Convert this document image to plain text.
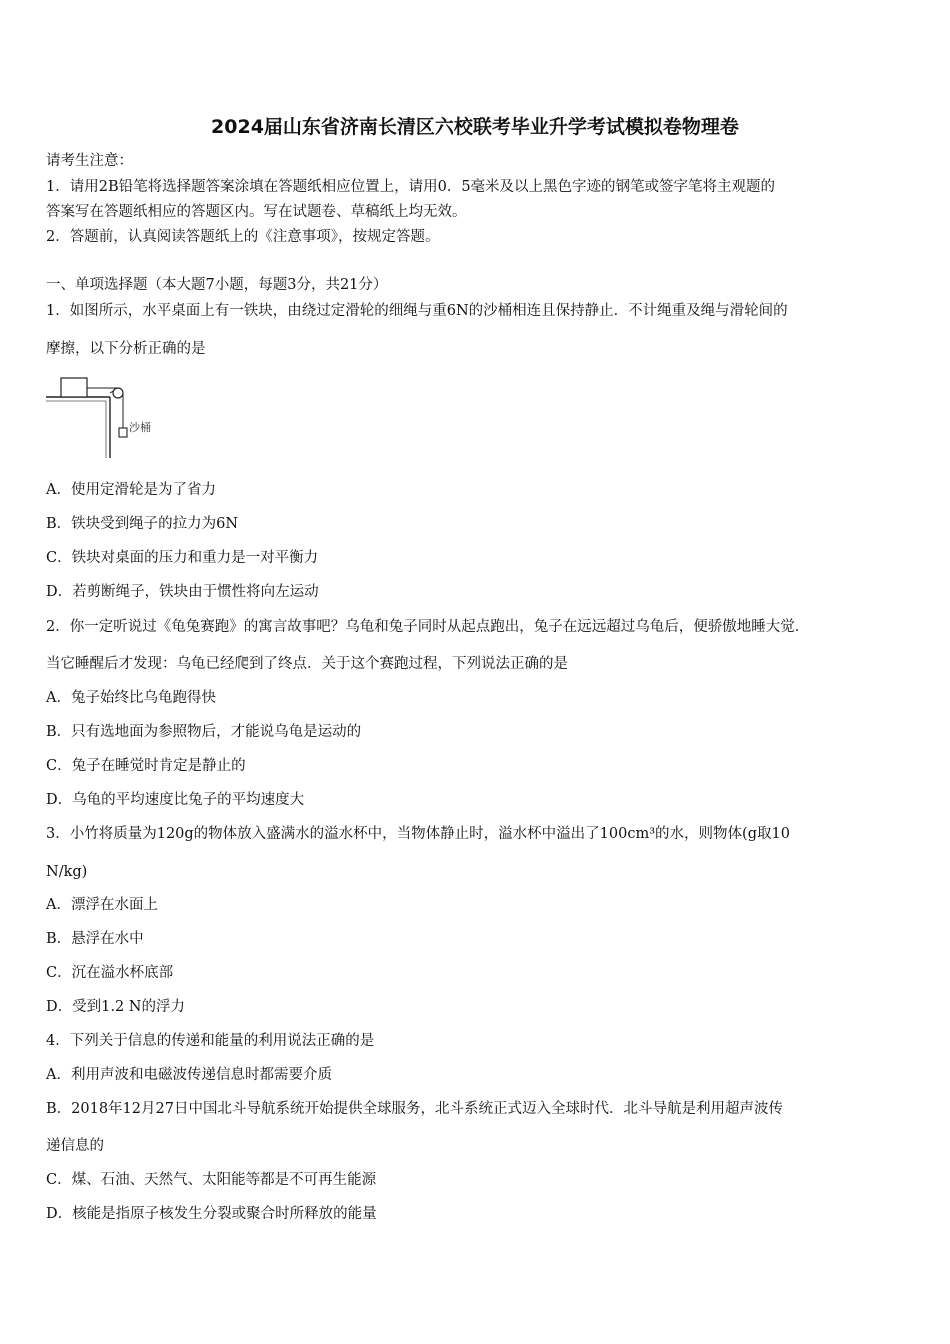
2024届山东省济南长清区六校联考毕业升学考试模拟卷物理卷
请考生注意：
1．请用2B铅笔将选择题答案涂填在答题纸相应位置上，请用0．5毫米及以上黑色字迹的钢笔或签字笔将主观题的
答案写在答题纸相应的答题区内。写在试题卷、草稿纸上均无效。
2．答题前，认真阅读答题纸上的《注意事项》，按规定答题。
一、单项选择题（本大题7小题，每题3分，共21分）
1．如图所示，水平桌面上有一铁块，由绕过定滑轮的细绳与重6N的沙桶相连且保持静止．不计绳重及绳与滑轮间的
摩擦，以下分析正确的是
沙桶
A．使用定滑轮是为了省力
B．铁块受到绳子的拉力为6N
C．铁块对桌面的压力和重力是一对平衡力
D．若剪断绳子，铁块由于惯性将向左运动
2．你一定听说过《龟兔赛跑》的寓言故事吧？乌龟和兔子同时从起点跑出，兔子在远远超过乌龟后，便骄傲地睡大觉．
当它睡醒后才发现：乌龟已经爬到了终点．关于这个赛跑过程，下列说法正确的是
A．兔子始终比乌龟跑得快
B．只有选地面为参照物后，才能说乌龟是运动的
C．兔子在睡觉时肯定是静止的
D．乌龟的平均速度比兔子的平均速度大
3．小竹将质量为120g的物体放入盛满水的溢水杯中，当物体静止时，溢水杯中溢出了100cm³的水，则物体(g取10
N/kg)
A．漂浮在水面上
B．悬浮在水中
C．沉在溢水杯底部
D．受到1.2 N的浮力
4．下列关于信息的传递和能量的利用说法正确的是
A．利用声波和电磁波传递信息时都需要介质
B．2018年12月27日中国北斗导航系统开始提供全球服务，北斗系统正式迈入全球时代．北斗导航是利用超声波传
递信息的
C．煤、石油、天然气、太阳能等都是不可再生能源
D．核能是指原子核发生分裂或聚合时所释放的能量
